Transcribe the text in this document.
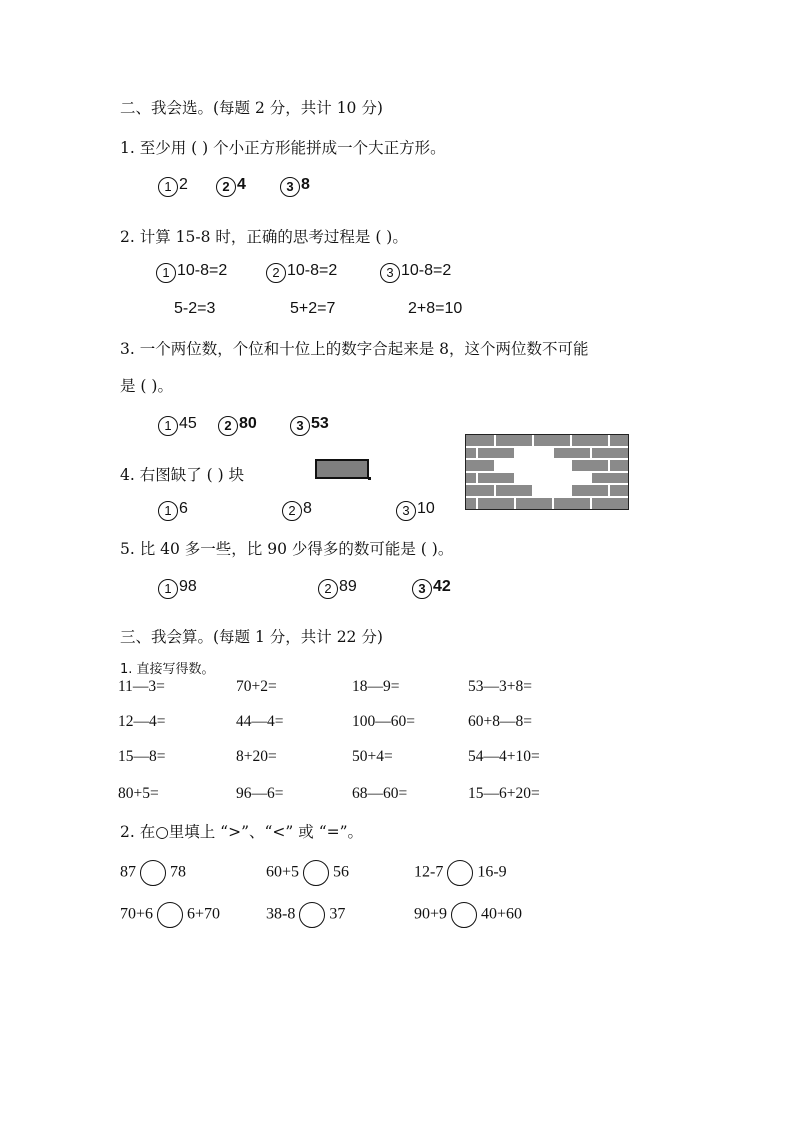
二、我会选。(每题 2 分，共计 10 分)
1. 至少用 ( ) 个小正方形能拼成一个大正方形。
1 2	2 4	3 8
2. 计算 15-8 时，正确的思考过程是 ( )。
1 10-8=2	2 10-8=2	3 10-8=2
5-2=3	5+2=7	2+8=10
3. 一个两位数，个位和十位上的数字合起来是 8，这个两位数不可能
是 ( )。
1 45	2 80	3 53
4. 右图缺了 ( ) 块
1 6	2 8	3 10
5. 比 40 多一些，比 90 少得多的数可能是 ( )。
1 98	2 89	3 42
三、我会算。(每题 1 分，共计 22 分)
1. 直接写得数。
11—3=	70+2=	18—9=	53—3+8=
12—4=	44—4=	100—60=	60+8—8=
15—8=	8+20=	50+4=	54—4+10=
80+5=	96—6=	68—60=	15—6+20=
2. 在○里填上 “>”、“<” 或 “=”。
87 78	60+5 56	12-7 16-9
70+6 6+70	38-8 37	90+9 40+60
